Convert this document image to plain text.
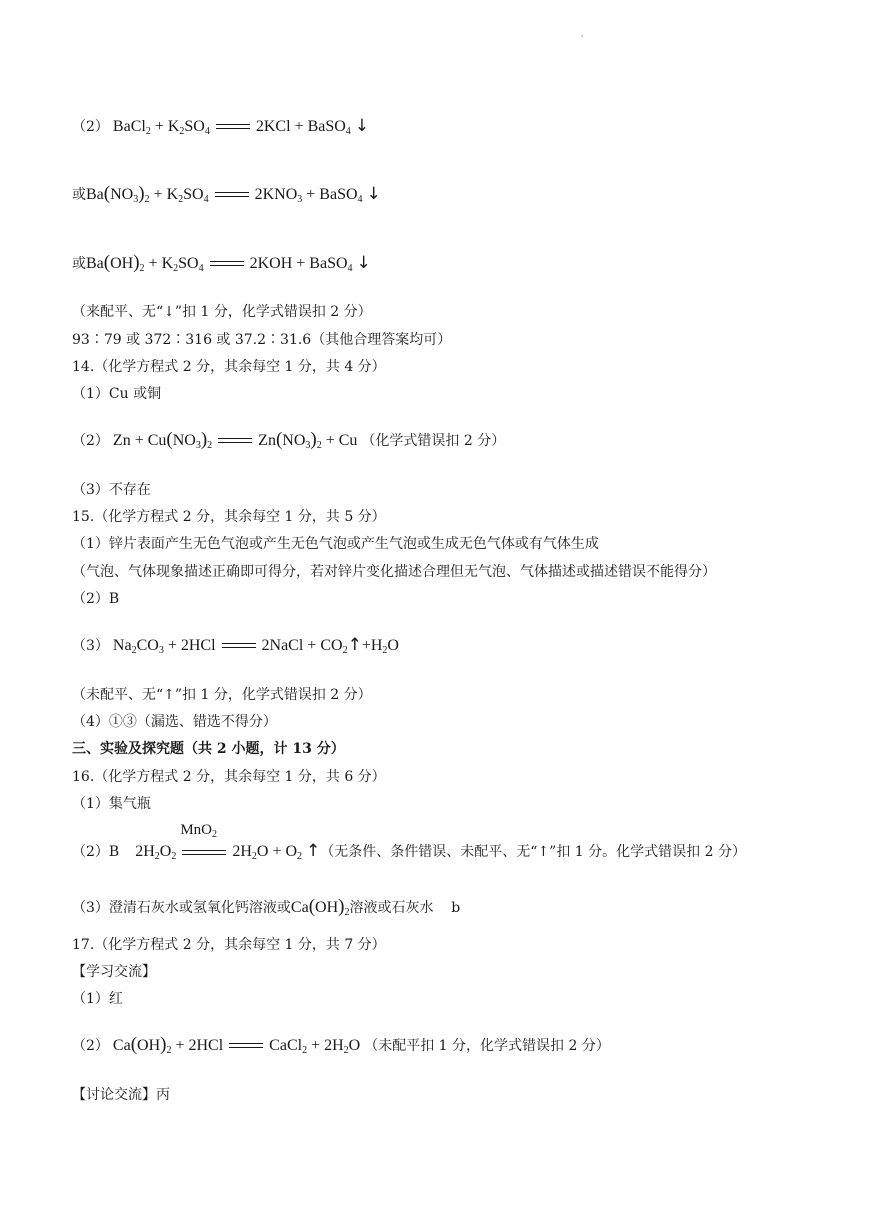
'
（2） BaCl$_2$ + $K_2SO_4$	2KCl + BaSO$_4$ ↓
或$Ba(NO_3)_2 + K_2SO_4$	$2KNO_3$ + BaSO$_4$ ↓
或$Ba(OH)_2 + K_2SO_4$	2KOH + BaSO$_4$ ↓
（来配平、无“↓”扣 1 分，化学式错误扣 2 分）
93∶79 或 372∶316 或 37.2∶31.6（其他合理答案均可）
14.（化学方程式 2 分，其余每空 1 分，共 4 分）
（1）Cu 或铜
（2） $Zn + Cu(NO_3)_2$	$Zn(NO_3)_2 + Cu$ （化学式错误扣 2 分）
（3）不存在
15.（化学方程式 2 分，其余每空 1 分，共 5 分）
（1）锌片表面产生无色气泡或产生无色气泡或产生气泡或生成无色气体或有气体生成
（气泡、气体现象描述正确即可得分，若对锌片变化描述合理但无气泡、气体描述或描述错误不能得分）
（2）B
（3） $Na_2CO_3 + 2HCl$	2NaCl + $CO_2↑+H_2O$
（未配平、无“↑”扣 1 分，化学式错误扣 2 分）
（4）①③（漏选、错选不得分）
三、实验及探究题（共 2 小题，计 13 分）
16.（化学方程式 2 分，其余每空 1 分，共 6 分）
（1）集气瓶
（2）B $2H_2O_2$
MnO$_2$
$2H_2O + O_2$ ↑（无条件、条件错误、未配平、无“↑”扣 1 分。化学式错误扣 2 分）
（3）澄清石灰水或氢氧化钙溶液或$Ca(OH)_2$溶液或石灰水 b
17.（化学方程式 2 分，其余每空 1 分，共 7 分）
【学习交流】
（1）红
（2） $Ca(OH)_2 + 2HCl$	CaCl$_2$ + $2H_2O$ （未配平扣 1 分，化学式错误扣 2 分）
【讨论交流】丙
